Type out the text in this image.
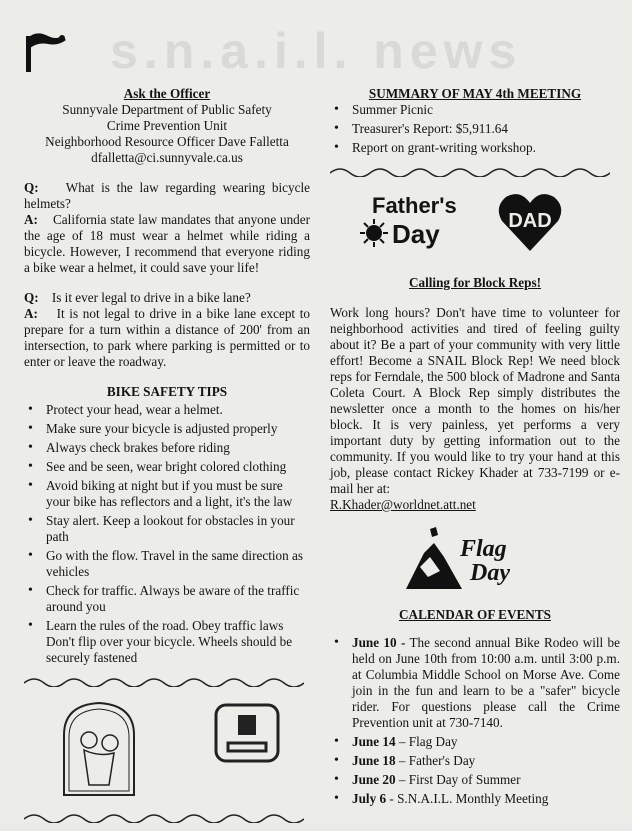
s.n.a.i.l. news
Ask the Officer
Sunnyvale Department of Public Safety
Crime Prevention Unit
Neighborhood Resource Officer Dave Falletta
dfalletta@ci.sunnyvale.ca.us

Q: What is the law regarding wearing bicycle helmets?

A: California state law mandates that anyone under the age of 18 must wear a helmet while riding a bicycle. However, I recommend that everyone riding a bike wear a helmet, it could save your life!

Q: Is it ever legal to drive in a bike lane?

A: It is not legal to drive in a bike lane except to prepare for a turn within a distance of 200' from an intersection, to park where parking is permitted or to enter or leave the roadway.

BIKE SAFETY TIPS
• Protect your head, wear a helmet.
• Make sure your bicycle is adjusted properly
• Always check brakes before riding
• See and be seen, wear bright colored clothing
• Avoid biking at night but if you must be sure your bike has reflectors and a light, it's the law
• Stay alert. Keep a lookout for obstacles in your path
• Go with the flow. Travel in the same direction as vehicles
• Check for traffic. Always be aware of the traffic around you
• Learn the rules of the road. Obey traffic laws Don't flip over your bicycle. Wheels should be securely fastened
SUMMARY OF MAY 4th MEETING
• Summer Picnic
• Treasurer's Report: $5,911.64
• Report on grant-writing workshop.
Father's
Day	DAD
Calling for Block Reps!

Work long hours? Don't have time to volunteer for neighborhood activities and tired of feeling guilty about it? Be a part of your community with very little effort! Become a SNAIL Block Rep! We need block reps for Ferndale, the 500 block of Madrone and Santa Coleta Court. A Block Rep simply distributes the newsletter once a month to the homes on his/her block. It is very painless, yet performs a very important duty by getting information out to the community. If you would like to try your hand at this job, please contact Rickey Khader at 733-7199 or e-mail her at:

R.Khader@worldnet.att.net
Flag
Day
CALENDAR OF EVENTS
• June 10 - The second annual Bike Rodeo will be held on June 10th from 10:00 a.m. until 3:00 p.m. at Columbia Middle School on Morse Ave. Come join in the fun and learn to be a "safer" bicycle rider. For questions please call the Crime Prevention unit at 730-7140.
• June 14 – Flag Day
• June 18 – Father's Day
• June 20 – First Day of Summer
• July 6 - S.N.A.I.L. Monthly Meeting
